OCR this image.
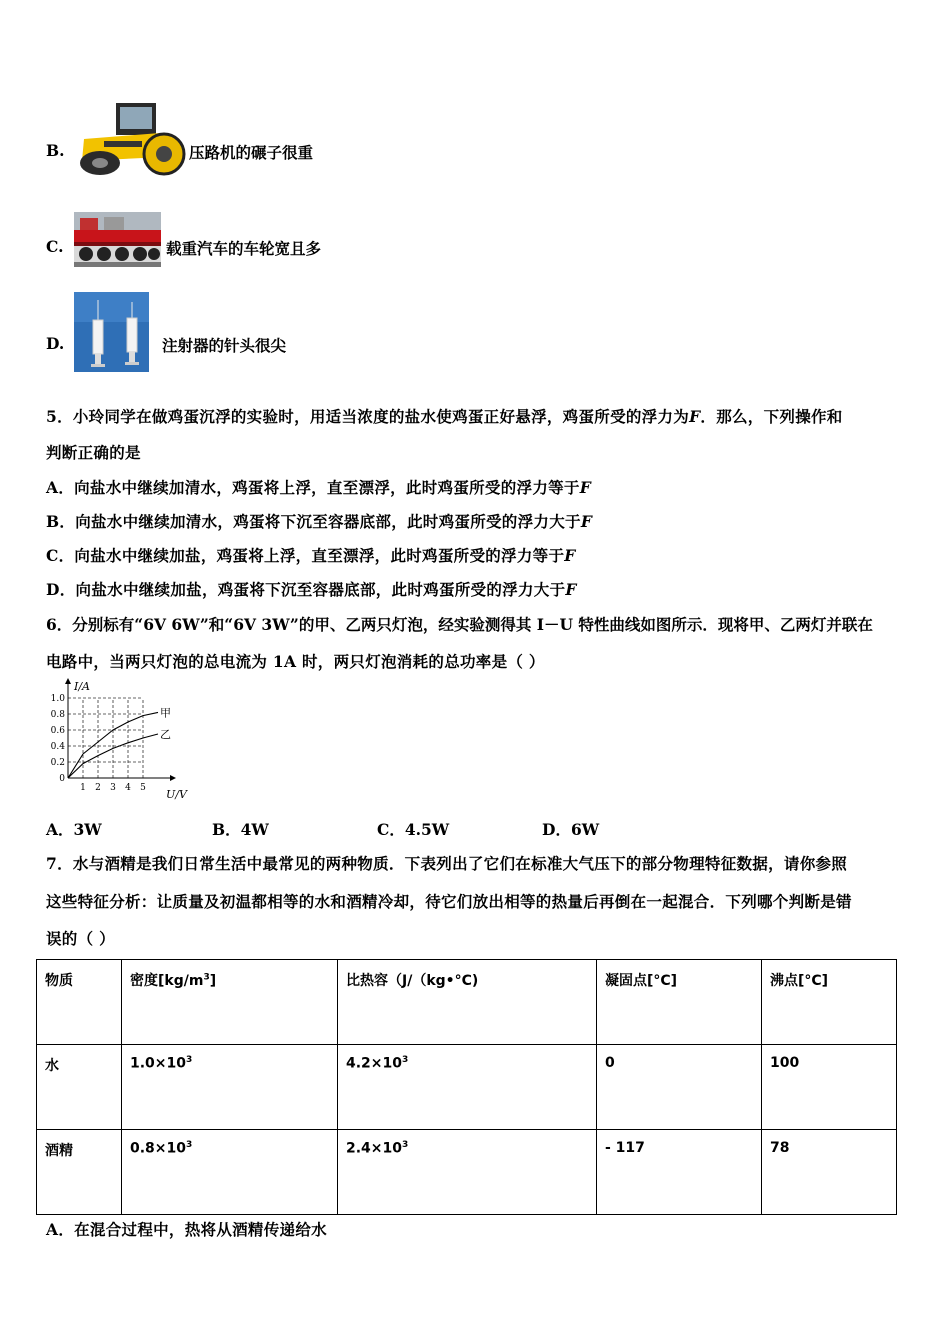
B.	压路机的碾子很重
C.	载重汽车的车轮宽且多
D.	注射器的针头很尖
5．小玲同学在做鸡蛋沉浮的实验时，用适当浓度的盐水使鸡蛋正好悬浮，鸡蛋所受的浮力为F．那么，下列操作和
判断正确的是
A．向盐水中继续加清水，鸡蛋将上浮，直至漂浮，此时鸡蛋所受的浮力等于F
B．向盐水中继续加清水，鸡蛋将下沉至容器底部，此时鸡蛋所受的浮力大于F
C．向盐水中继续加盐，鸡蛋将上浮，直至漂浮，此时鸡蛋所受的浮力等于F
D．向盐水中继续加盐，鸡蛋将下沉至容器底部，此时鸡蛋所受的浮力大于F
6．分别标有“6V 6W”和“6V 3W”的甲、乙两只灯泡，经实验测得其 I－U 特性曲线如图所示．现将甲、乙两灯并联在
电路中，当两只灯泡的总电流为 1A 时，两只灯泡消耗的总功率是（ ）
1 2 3 4 5
0
0.2
0.4
0.6
0.8
1.0
I/A
U/V
甲
乙
A．3W	B．4W	C．4.5W	D．6W
7．水与酒精是我们日常生活中最常见的两种物质．下表列出了它们在标准大气压下的部分物理特征数据，请你参照
这些特征分析：让质量及初温都相等的水和酒精冷却，待它们放出相等的热量后再倒在一起混合．下列哪个判断是错
误的（ ）
物质	密度$[kg/m^3]$	比热容（J/（kg•°C)	凝固点[°C]	沸点[°C]
水	$1.0\times 10^3$	$4.2\times 10^3$	0	100
酒精	$0.8\times 10^3$	$2.4\times 10^3$	- 117	78
A．在混合过程中，热将从酒精传递给水
